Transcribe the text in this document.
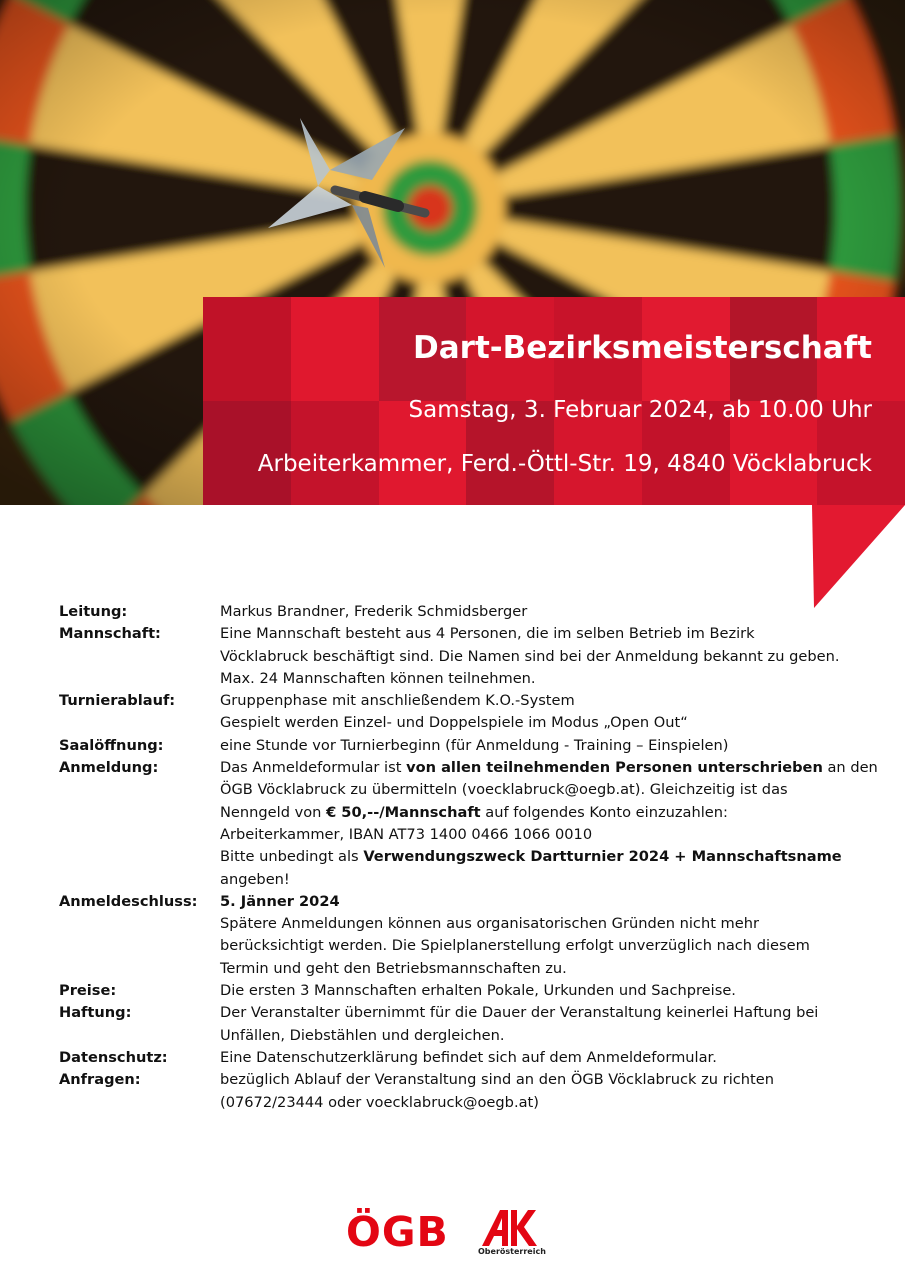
Dart-Bezirksmeisterschaft
Samstag, 3. Februar 2024, ab 10.00 Uhr
Arbeiterkammer, Ferd.-Öttl-Str. 19, 4840 Vöcklabruck
Leitung:	Markus Brandner, Frederik Schmidsberger

Mannschaft:	Eine Mannschaft besteht aus 4 Personen, die im selben Betrieb im Bezirk

Vöcklabruck beschäftigt sind. Die Namen sind bei der Anmeldung bekannt zu geben.

Max. 24 Mannschaften können teilnehmen.

Turnierablauf:	Gruppenphase mit anschließendem K.O.-System

Gespielt werden Einzel- und Doppelspiele im Modus „Open Out“

Saalöffnung:	eine Stunde vor Turnierbeginn (für Anmeldung - Training – Einspielen)

Anmeldung:	Das Anmeldeformular ist von allen teilnehmenden Personen unterschrieben an den

ÖGB Vöcklabruck zu übermitteln (voecklabruck@oegb.at). Gleichzeitig ist das

Nenngeld von € 50,--/Mannschaft auf folgendes Konto einzuzahlen:

Arbeiterkammer, IBAN AT73 1400 0466 1066 0010

Bitte unbedingt als Verwendungszweck Dartturnier 2024 + Mannschaftsname

angeben!

Anmeldeschluss:	5. Jänner 2024

Spätere Anmeldungen können aus organisatorischen Gründen nicht mehr

berücksichtigt werden. Die Spielplanerstellung erfolgt unverzüglich nach diesem

Termin und geht den Betriebsmannschaften zu.

Preise:	Die ersten 3 Mannschaften erhalten Pokale, Urkunden und Sachpreise.

Haftung:	Der Veranstalter übernimmt für die Dauer der Veranstaltung keinerlei Haftung bei

Unfällen, Diebstählen und dergleichen.

Datenschutz:	Eine Datenschutzerklärung befindet sich auf dem Anmeldeformular.

Anfragen:	bezüglich Ablauf der Veranstaltung sind an den ÖGB Vöcklabruck zu richten

(07672/23444 oder voecklabruck@oegb.at)

ÖGB	Oberösterreich
